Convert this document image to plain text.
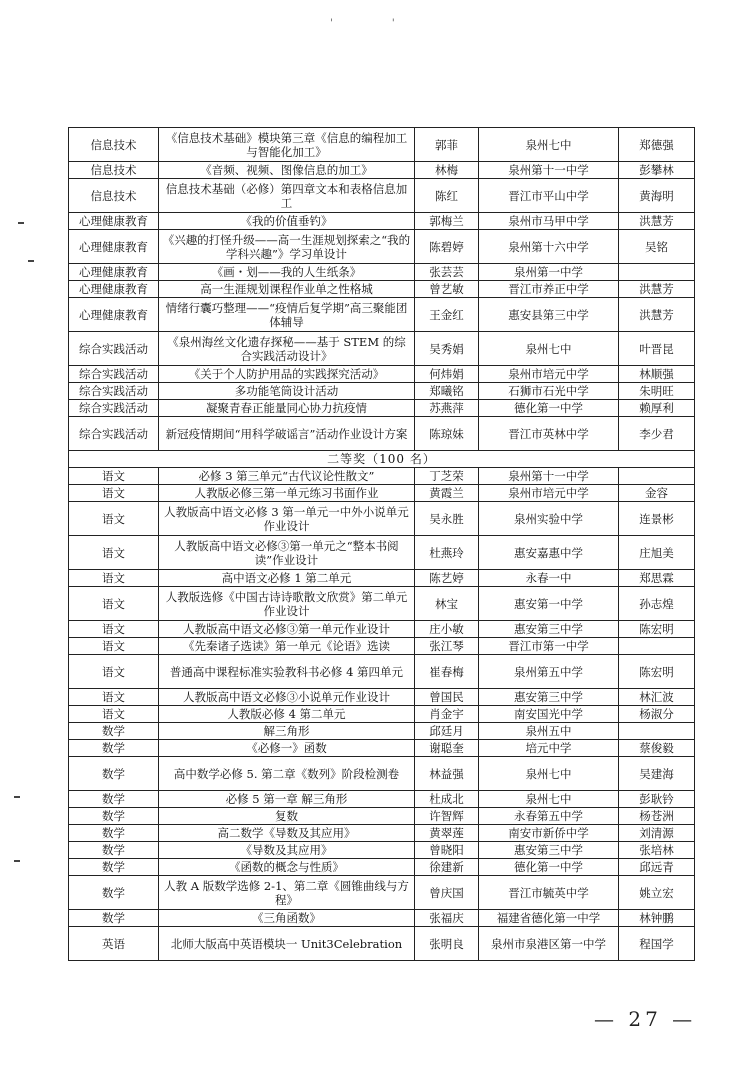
' '
信息技术	《信息技术基础》模块第三章《信息的编程加工与智能化加工》	郭菲	泉州七中	郑德强
信息技术	《音频、视频、图像信息的加工》	林梅	泉州第十一中学	彭攀林
信息技术	信息技术基础（必修）第四章文本和表格信息加工	陈红	晋江市平山中学	黄海明
心理健康教育	《我的价值垂钓》	郭梅兰	泉州市马甲中学	洪慧芳
心理健康教育	《兴趣的打怪升级——高一生涯规划探索之“我的学科兴趣”》学习单设计	陈碧婷	泉州第十六中学	吴铭
心理健康教育	《画・划——我的人生纸条》	张芸芸	泉州第一中学	
心理健康教育	高一生涯规划课程作业单之性格城	曾艺敏	晋江市养正中学	洪慧芳
心理健康教育	情绪行囊巧整理——“疫情后复学期”高三聚能团体辅导	王金红	惠安县第三中学	洪慧芳
综合实践活动	《泉州海丝文化遗存探秘——基于 STEM 的综合实践活动设计》	吴秀娟	泉州七中	叶晋昆
综合实践活动	《关于个人防护用品的实践探究活动》	何炜娟	泉州市培元中学	林顺强
综合实践活动	多功能笔筒设计活动	郑曦铭	石狮市石光中学	朱明旺
综合实践活动	凝聚青春正能量同心协力抗疫情	苏燕萍	德化第一中学	赖厚利
综合实践活动	新冠疫情期间“用科学破谣言”活动作业设计方案	陈琼妹	晋江市英林中学	李少君
二等奖（100 名）				
语文	必修 3 第三单元“古代议论性散文”	丁芝荣	泉州第十一中学	
语文	人教版必修三第一单元练习书面作业	黄霞兰	泉州市培元中学	金容
语文	人教版高中语文必修 3 第一单元一中外小说单元作业设计	吴永胜	泉州实验中学	连景彬
语文	人教版高中语文必修③第一单元之“整本书阅读”作业设计	杜燕玲	惠安嘉惠中学	庄旭美
语文	高中语文必修 1 第二单元	陈艺婷	永春一中	郑思霖
语文	人教版选修《中国古诗诗歌散文欣赏》第二单元作业设计	林宝	惠安第一中学	孙志煌
语文	人教版高中语文必修③第一单元作业设计	庄小敏	惠安第三中学	陈宏明
语文	《先秦诸子选读》第一单元《论语》选读	张江琴	晋江市第一中学	
语文	普通高中课程标准实验教科书必修 4 第四单元	崔春梅	泉州第五中学	陈宏明
语文	人教版高中语文必修③小说单元作业设计	曾国民	惠安第三中学	林汇波
语文	人教版必修 4 第二单元	肖金宇	南安国光中学	杨淑分
数学	解三角形	邱廷月	泉州五中	
数学	《必修一》函数	谢聪奎	培元中学	蔡俊毅
数学	高中数学必修 5. 第二章《数列》阶段检测卷	林益强	泉州七中	吴建海
数学	必修 5 第一章 解三角形	杜成北	泉州七中	彭耿钤
数学	复数	许智辉	永春第五中学	杨苍洲
数学	高二数学《导数及其应用》	黄翠莲	南安市新侨中学	刘清源
数学	《导数及其应用》	曾晓阳	惠安第三中学	张培林
数学	《函数的概念与性质》	徐建新	德化第一中学	邱远青
数学	人教 A 版数学选修 2-1、第二章《圆锥曲线与方程》	曾庆国	晋江市毓英中学	姚立宏
数学	《三角函数》	张福庆	福建省德化第一中学	林钟鹏
英语	北师大版高中英语模块一 Unit3Celebration	张明良	泉州市泉港区第一中学	程国学
— 27 —
